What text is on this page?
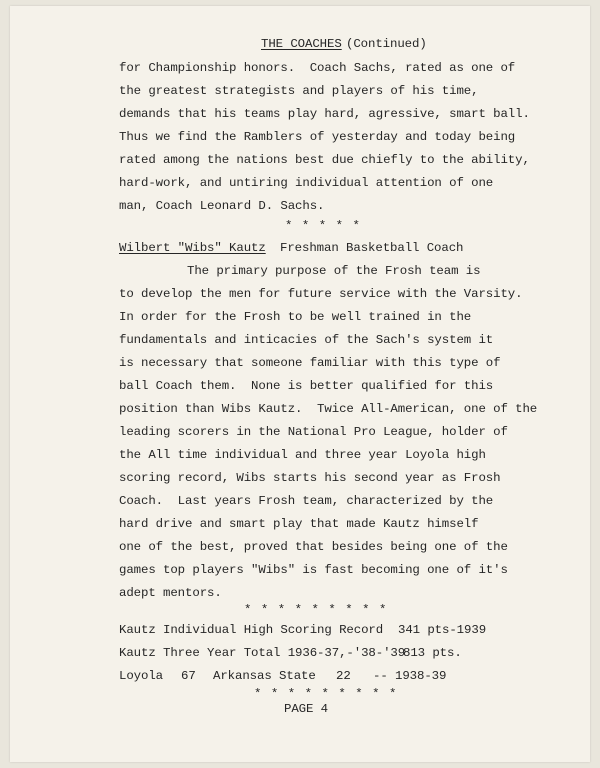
THE COACHES (Continued)
for Championship honors.  Coach Sachs, rated as one of
the greatest strategists and players of his time,
demands that his teams play hard, agressive, smart ball.
Thus we find the Ramblers of yesterday and today being
rated among the nations best due chiefly to the ability,
hard-work, and untiring individual attention of one
man, Coach Leonard D. Sachs.
* * * * *
Wilbert "Wibs" Kautz Freshman Basketball Coach
The primary purpose of the Frosh team is
to develop the men for future service with the Varsity.
In order for the Frosh to be well trained in the
fundamentals and inticacies of the Sach's system it
is necessary that someone familiar with this type of
ball Coach them.  None is better qualified for this
position than Wibs Kautz.  Twice All-American, one of the
leading scorers in the National Pro League, holder of
the All time individual and three year Loyola high
scoring record, Wibs starts his second year as Frosh
Coach.  Last years Frosh team, characterized by the
hard drive and smart play that made Kautz himself
one of the best, proved that besides being one of the
games top players "Wibs" is fast becoming one of it's
adept mentors.
* * * * * * * * *
Kautz Individual High Scoring Record 341 pts-1939
Kautz Three Year Total 1936-37,-'38-'39
813 pts.
Loyola 67 Arkansas State 22 -- 1938-39
* * * * * * * * *
PAGE 4
